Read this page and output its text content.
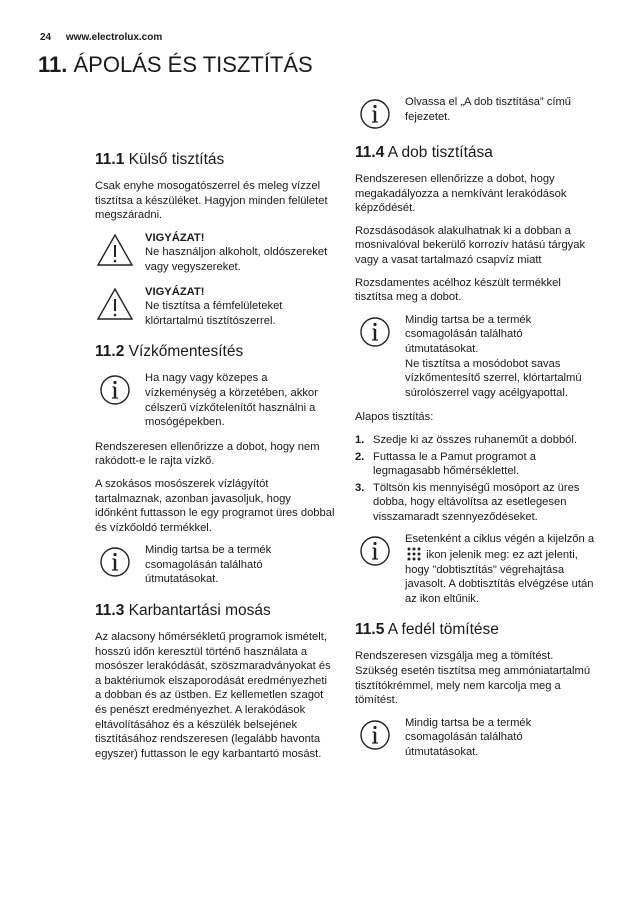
24 www.electrolux.com
11. ÁPOLÁS ÉS TISZTÍTÁS
11.1 Külső tisztítás

Csak enyhe mosogatószerrel és meleg vízzel tisztítsa a készüléket. Hagyjon minden felületet megszáradni.

VIGYÁZAT!
Ne használjon alkoholt, oldószereket vagy vegyszereket.
VIGYÁZAT!
Ne tisztítsa a fémfelületeket klórtartalmú tisztítószerrel.
11.2 Vízkőmentesítés
Ha nagy vagy közepes a vízkeménység a körzetében, akkor célszerű vízkőtelenítőt használni a mosógépekben.

Rendszeresen ellenőrizze a dobot, hogy nem rakódott-e le rajta vízkő.

A szokásos mosószerek vízlágyítót tartalmaznak, azonban javasoljuk, hogy időnként futtasson le egy programot üres dobbal és vízkőoldó termékkel.

Mindig tartsa be a termék csomagolásán található útmutatásokat.
11.3 Karbantartási mosás

Az alacsony hőmérsékletű programok ismételt, hosszú időn keresztül történő használata a mosószer lerakódását, szöszmaradványokat és a baktériumok elszaporodását eredményezheti a dobban és az üstben. Ez kellemetlen szagot és penészt eredményezhet. A lerakódások eltávolításához és a készülék belsejének tisztításához rendszeresen (legalább havonta egyszer) futtasson le egy karbantartó mosást.

Olvassa el „A dob tisztítása” című fejezetet.
11.4 A dob tisztítása

Rendszeresen ellenőrizze a dobot, hogy megakadályozza a nemkívánt lerakódások képződését.

Rozsdásodások alakulhatnak ki a dobban a mosnivalóval bekerülő korrozív hatású tárgyak vagy a vasat tartalmazó csapvíz miatt

Rozsdamentes acélhoz készült termékkel tisztítsa meg a dobot.

Mindig tartsa be a termék csomagolásán található útmutatásokat.
Ne tisztítsa a mosódobot savas vízkőmentesítő szerrel, klórtartalmú súrolószerrel vagy acélgyapottal.

Alapos tisztítás:

1. Szedje ki az összes ruhaneműt a dobból.
2. Futtassa le a Pamut programot a legmagasabb hőmérséklettel.
3. Töltsön kis mennyiségű mosóport az üres dobba, hogy eltávolítsa az esetlegesen visszamaradt szennyeződéseket.
Esetenként a ciklus végén a kijelzőn a  ikon jelenik meg: ez azt jelenti, hogy "dobtisztítás" végrehajtása javasolt. A dobtisztítás elvégzése után az ikon eltűnik.
11.5 A fedél tömítése

Rendszeresen vizsgálja meg a tömítést. Szükség esetén tisztítsa meg ammóniatartalmú tisztítókrémmel, mely nem karcolja meg a tömítést.

Mindig tartsa be a termék csomagolásán található útmutatásokat.
